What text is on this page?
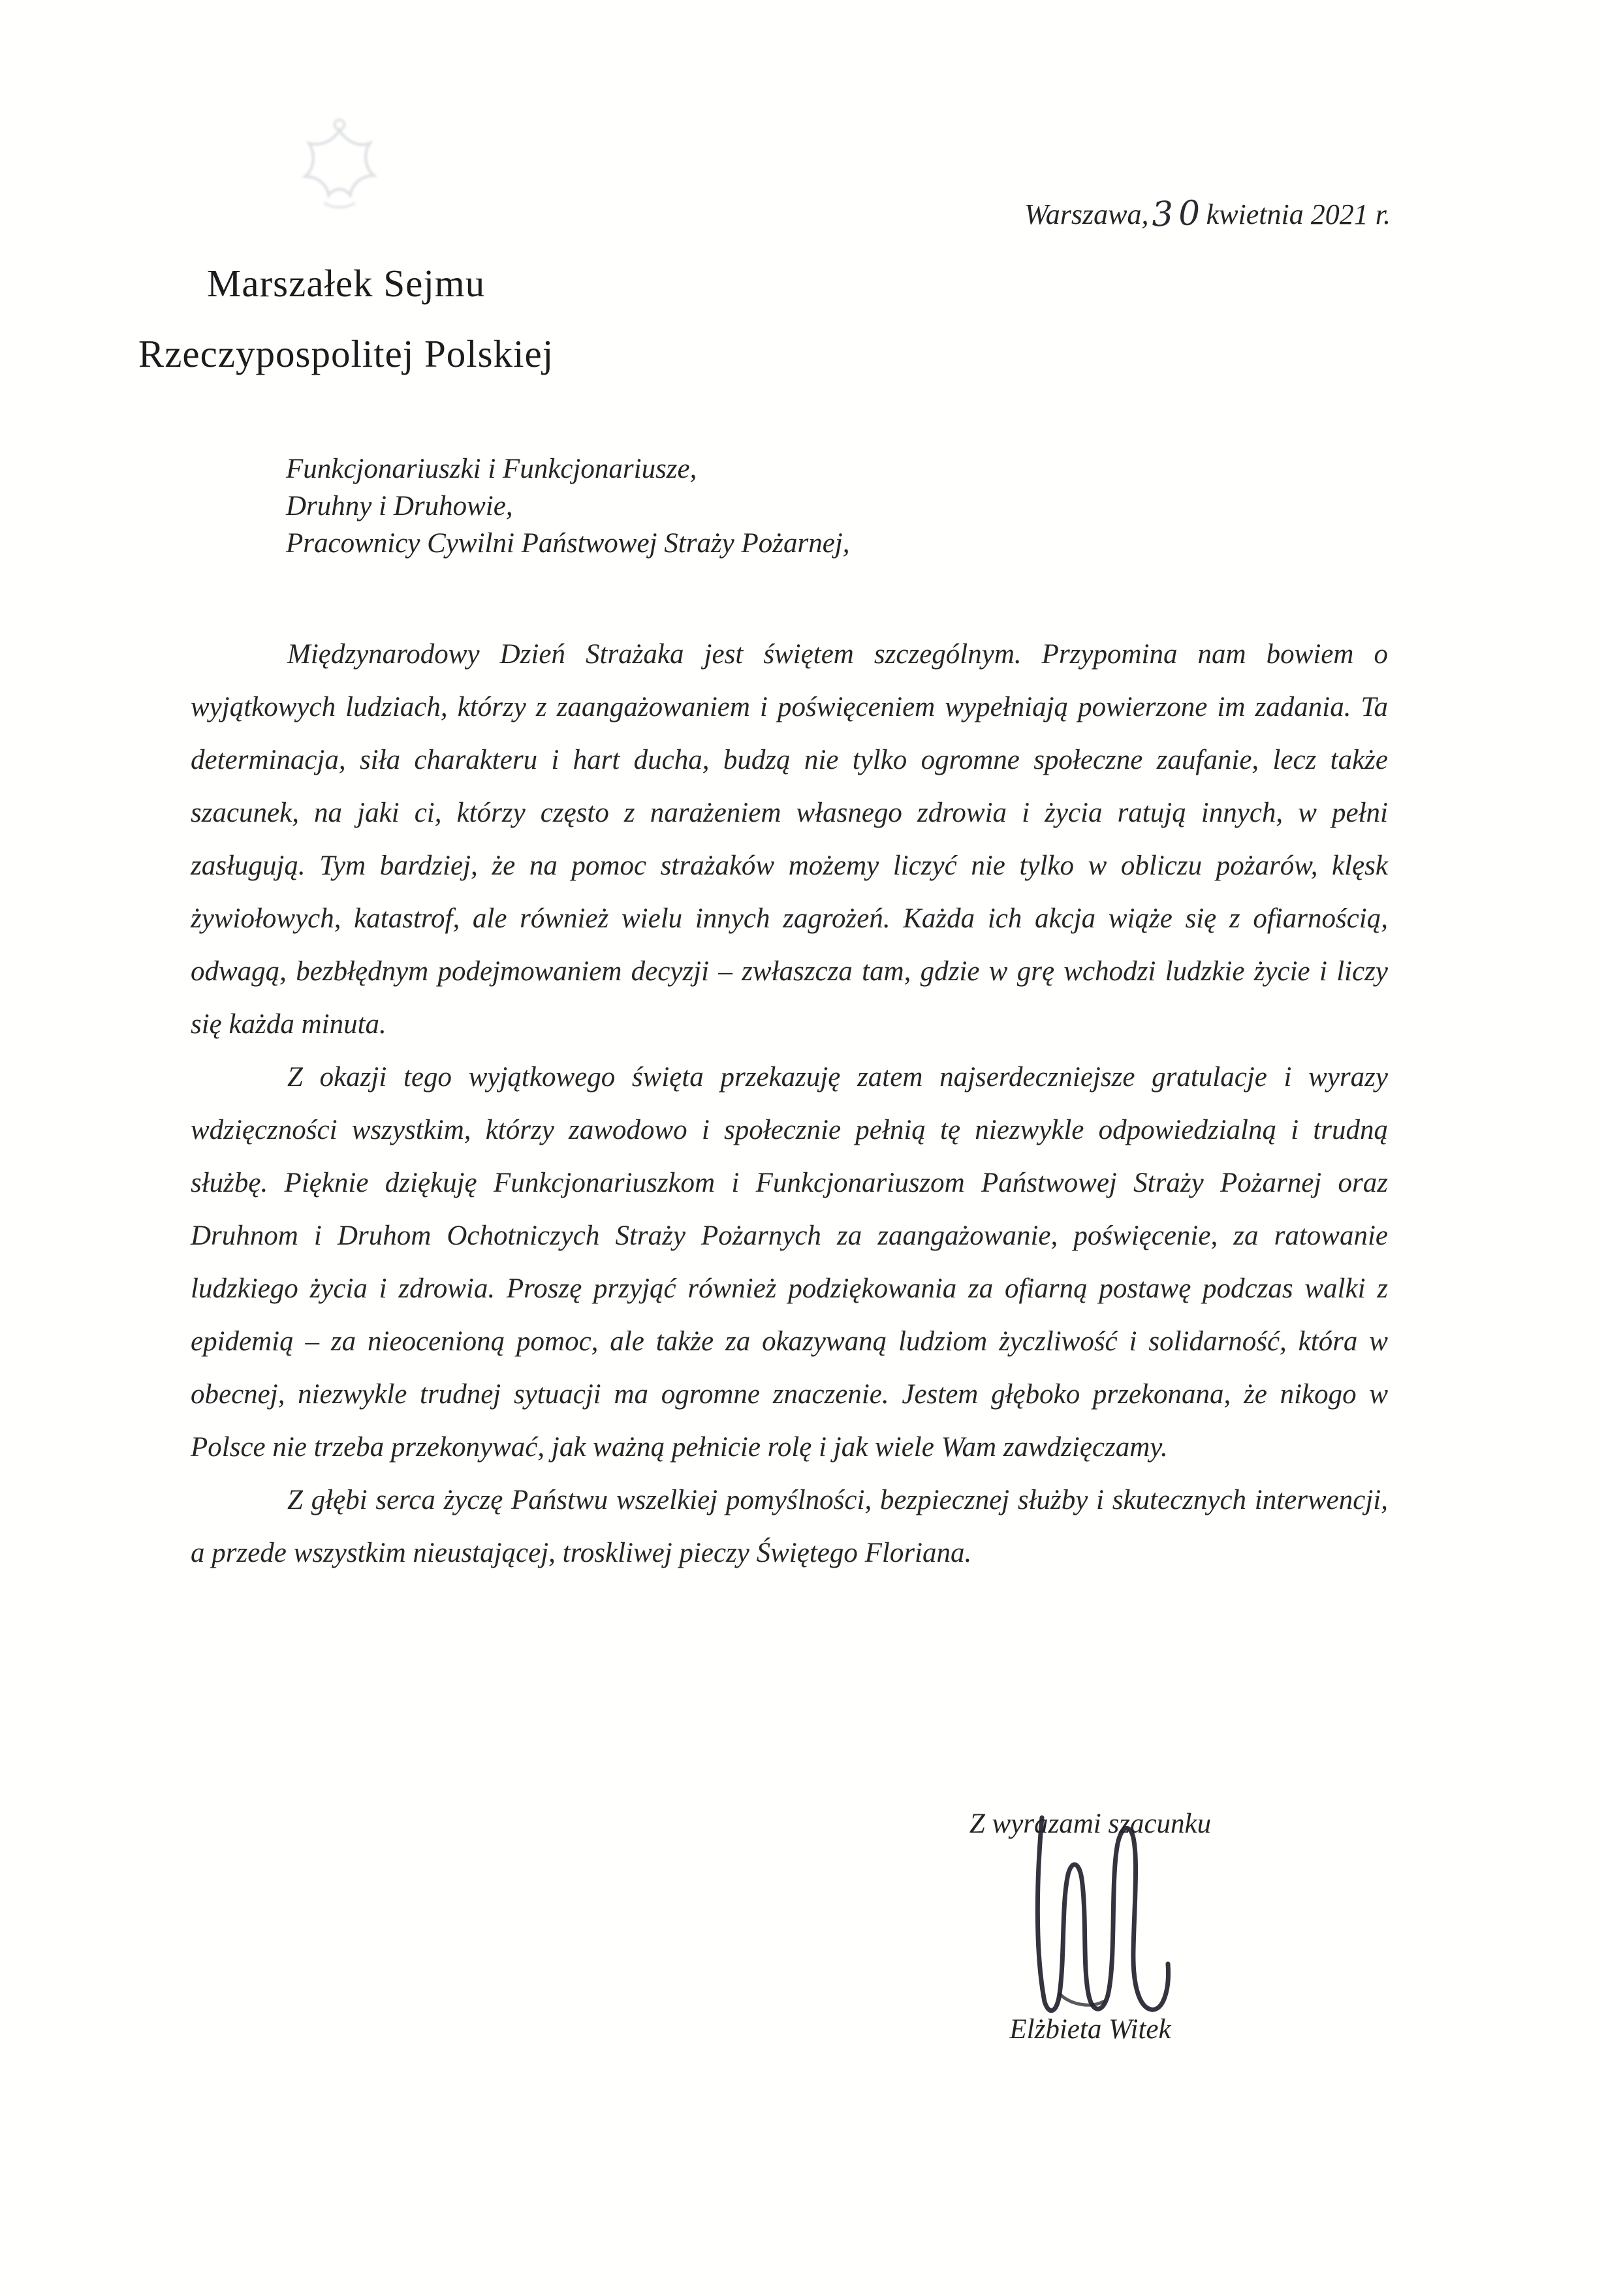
Warszawa,30kwietnia 2021 r.
Marszałek Sejmu
Rzeczypospolitej Polskiej
Funkcjonariuszki i Funkcjonariusze,
Druhny i Druhowie,
Pracownicy Cywilni Państwowej Straży Pożarnej,

Międzynarodowy Dzień Strażaka jest świętem szczególnym. Przypomina nam bowiem o wyjątkowych ludziach, którzy z zaangażowaniem i poświęceniem wypełniają powierzone im zadania. Ta determinacja, siła charakteru i hart ducha, budzą nie tylko ogromne społeczne zaufanie, lecz także szacunek, na jaki ci, którzy często z narażeniem własnego zdrowia i życia ratują innych, w pełni zasługują. Tym bardziej, że na pomoc strażaków możemy liczyć nie tylko w obliczu pożarów, klęsk żywiołowych, katastrof, ale również wielu innych zagrożeń. Każda ich akcja wiąże się z ofiarnością, odwagą, bezbłędnym podejmowaniem decyzji – zwłaszcza tam, gdzie w grę wchodzi ludzkie życie i liczy się każda minuta.

Z okazji tego wyjątkowego święta przekazuję zatem najserdeczniejsze gratulacje i wyrazy wdzięczności wszystkim, którzy zawodowo i społecznie pełnią tę niezwykle odpowiedzialną i trudną służbę. Pięknie dziękuję Funkcjonariuszkom i Funkcjonariuszom Państwowej Straży Pożarnej oraz Druhnom i Druhom Ochotniczych Straży Pożarnych za zaangażowanie, poświęcenie, za ratowanie ludzkiego życia i zdrowia. Proszę przyjąć również podziękowania za ofiarną postawę podczas walki z epidemią – za nieocenioną pomoc, ale także za okazywaną ludziom życzliwość i solidarność, która w obecnej, niezwykle trudnej sytuacji ma ogromne znaczenie. Jestem głęboko przekonana, że nikogo w Polsce nie trzeba przekonywać, jak ważną pełnicie rolę i jak wiele Wam zawdzięczamy.

Z głębi serca życzę Państwu wszelkiej pomyślności, bezpiecznej służby i skutecznych interwencji, a przede wszystkim nieustającej, troskliwej pieczy Świętego Floriana.

Z wyrazami szacunku
Elżbieta Witek
